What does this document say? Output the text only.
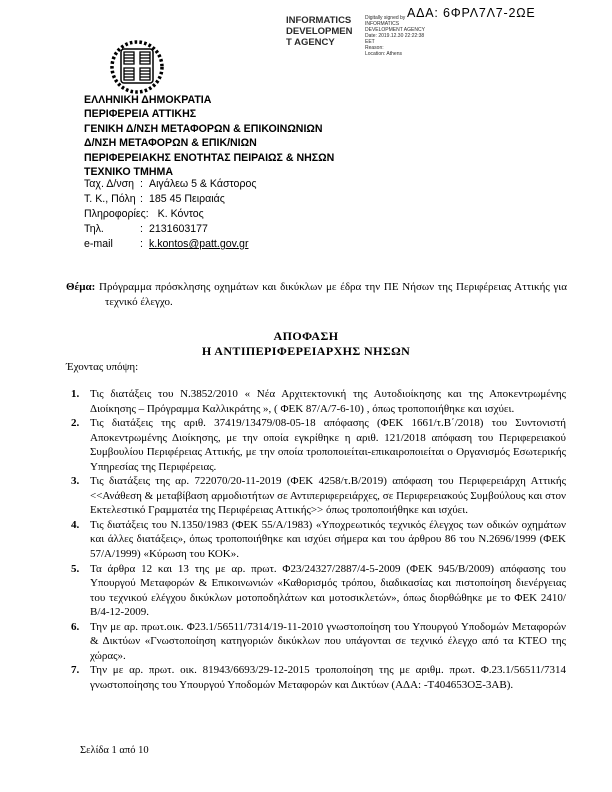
ΑΔΑ: 6ΦΡΛ7Λ7-2ΩΕ
INFORMATICS
DEVELOPMEN
T AGENCY
Digitally signed by
INFORMATICS
DEVELOPMENT AGENCY
Date: 2019.12.30 22:22:38
EET
Reason:
Location: Athens
ΕΛΛΗΝΙΚΗ ΔΗΜΟΚΡΑΤΙΑ
ΠΕΡΙΦΕΡΕΙΑ ΑΤΤΙΚΗΣ
ΓΕΝΙΚΗ Δ/ΝΣΗ ΜΕΤΑΦΟΡΩΝ & ΕΠΙΚΟΙΝΩΝΙΩΝ
Δ/ΝΣΗ ΜΕΤΑΦΟΡΩΝ & ΕΠΙΚ/ΝΙΩΝ
ΠΕΡΙΦΕΡΕΙΑΚΗΣ ΕΝΟΤΗΤΑΣ ΠΕΙΡΑΙΩΣ & ΝΗΣΩΝ
ΤΕΧΝΙΚΟ ΤΜΗΜΑ
Ταχ. Δ/νση : Αιγάλεω 5 & Κάστορος
Τ. Κ., Πόλη : 185 45 Πειραιάς
Πληροφορίες: Κ. Κόντος
Τηλ.	: 2131603177
e-mail	: k.kontos@patt.gov.gr
Θέμα: Πρόγραμμα πρόσκλησης οχημάτων και δικύκλων με έδρα την ΠΕ Νήσων της Περιφέρειας Αττικής για τεχνικό έλεγχο.
ΑΠΟΦΑΣΗ
Η ΑΝΤΙΠΕΡΙΦΕΡΕΙΑΡΧΗΣ ΝΗΣΩΝ
Έχοντας υπόψη:
1. Τις διατάξεις του Ν.3852/2010 « Νέα Αρχιτεκτονική της Αυτοδιοίκησης και της Αποκεντρωμένης Διοίκησης – Πρόγραμμα Καλλικράτης », ( ΦΕΚ 87/Α/7-6-10) , όπως τροποποιήθηκε και ισχύει.
2. Τις διατάξεις της αριθ. 37419/13479/08-05-18 απόφασης (ΦΕΚ 1661/τ.Β΄/2018) του Συντονιστή Αποκεντρωμένης Διοίκησης, με την οποία εγκρίθηκε η αριθ. 121/2018 απόφαση του Περιφερειακού Συμβουλίου Περιφέρειας Αττικής, με την οποία τροποποιείται-επικαιροποιείται ο Οργανισμός Εσωτερικής Υπηρεσίας της Περιφέρειας.
3. Τις διατάξεις της αρ. 722070/20-11-2019 (ΦΕΚ 4258/τ.Β/2019) απόφαση του Περιφερειάρχη Αττικής <<Ανάθεση & μεταβίβαση αρμοδιοτήτων σε Αντιπεριφερειάρχες, σε Περιφερειακούς Συμβούλους και στον Εκτελεστικό Γραμματέα της Περιφέρειας Αττικής>> όπως τροποποιήθηκε και ισχύει.
4. Τις διατάξεις του Ν.1350/1983 (ΦΕΚ 55/Α/1983) «Υποχρεωτικός τεχνικός έλεγχος των οδικών οχημάτων και άλλες διατάξεις», όπως τροποποιήθηκε και ισχύει σήμερα και του άρθρου 86 του Ν.2696/1999 (ΦΕΚ 57/Α/1999) «Κύρωση του ΚΟΚ».
5. Τα άρθρα 12 και 13 της με αρ. πρωτ. Φ23/24327/2887/4-5-2009 (ΦΕΚ 945/Β/2009) απόφασης του Υπουργού Μεταφορών & Επικοινωνιών «Καθορισμός τρόπου, διαδικασίας και πιστοποίηση διενέργειας του τεχνικού ελέγχου δικύκλων μοτοποδηλάτων και μοτοσικλετών», όπως διορθώθηκε με το ΦΕΚ 2410/Β/4-12-2009.
6. Την με αρ. πρωτ.οικ. Φ23.1/56511/7314/19-11-2010 γνωστοποίηση του Υπουργού Υποδομών Μεταφορών & Δικτύων «Γνωστοποίηση κατηγοριών δικύκλων που υπάγονται σε τεχνικό έλεγχο από τα ΚΤΕΟ της χώρας».
7. Την με αρ. πρωτ. οικ. 81943/6693/29-12-2015 τροποποίηση της με αριθμ. πρωτ. Φ.23.1/56511/7314 γνωστοποίησης του Υπουργού Υποδομών Μεταφορών και Δικτύων (ΑΔΑ: -Τ404653ΟΞ-3ΑΒ).
Σελίδα 1 από 10
